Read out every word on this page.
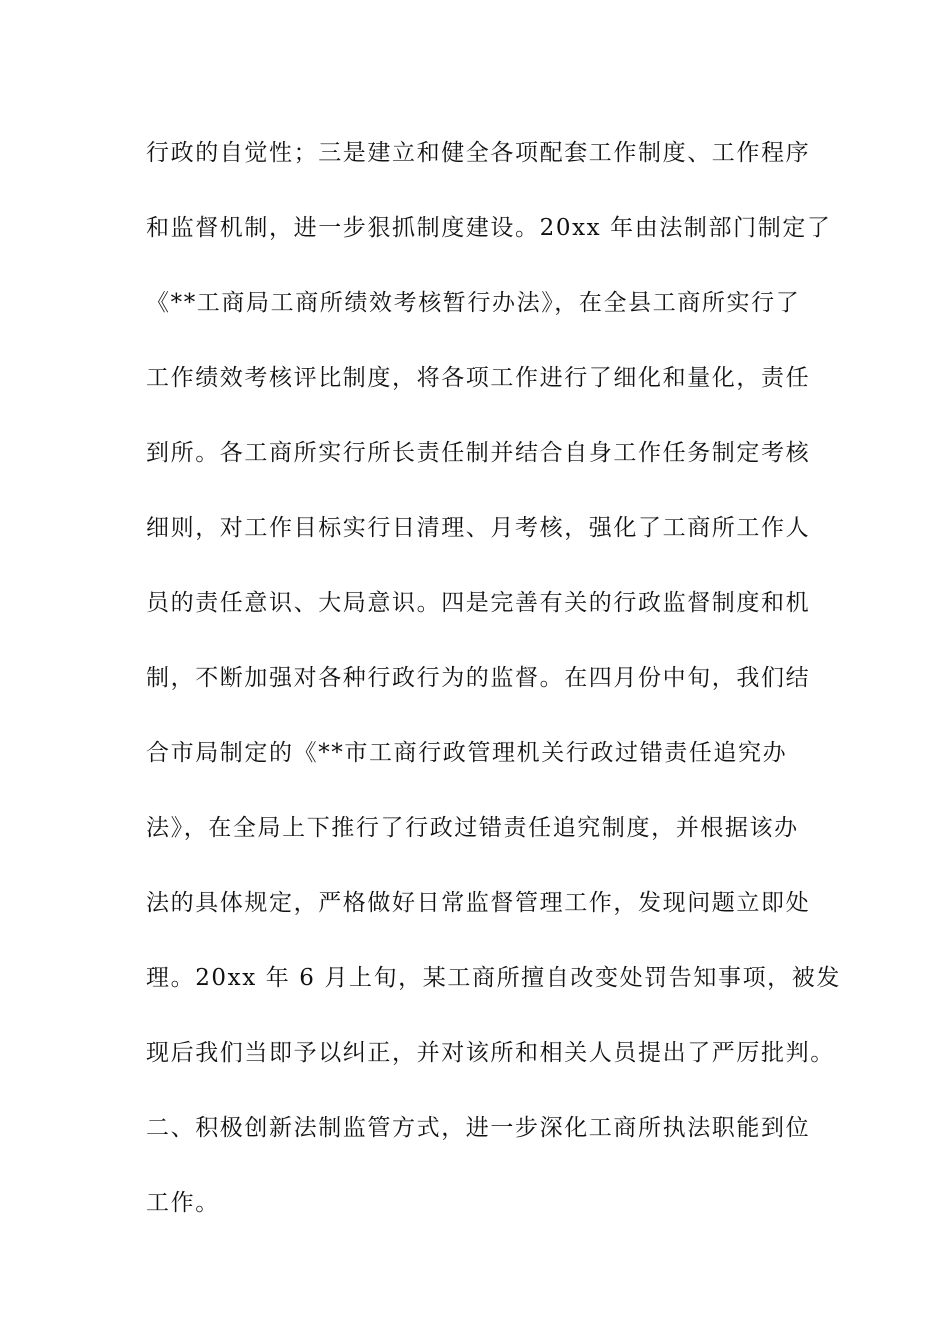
行政的自觉性；三是建立和健全各项配套工作制度、工作程序
和监督机制，进一步狠抓制度建设。20xx 年由法制部门制定了
《**工商局工商所绩效考核暂行办法》，在全县工商所实行了
工作绩效考核评比制度，将各项工作进行了细化和量化，责任
到所。各工商所实行所长责任制并结合自身工作任务制定考核
细则，对工作目标实行日清理、月考核，强化了工商所工作人
员的责任意识、大局意识。四是完善有关的行政监督制度和机
制，不断加强对各种行政行为的监督。在四月份中旬，我们结
合市局制定的《**市工商行政管理机关行政过错责任追究办
法》，在全局上下推行了行政过错责任追究制度，并根据该办
法的具体规定，严格做好日常监督管理工作，发现问题立即处
理。20xx 年 6 月上旬，某工商所擅自改变处罚告知事项，被发
现后我们当即予以纠正，并对该所和相关人员提出了严厉批判。
二、积极创新法制监管方式，进一步深化工商所执法职能到位
工作。
